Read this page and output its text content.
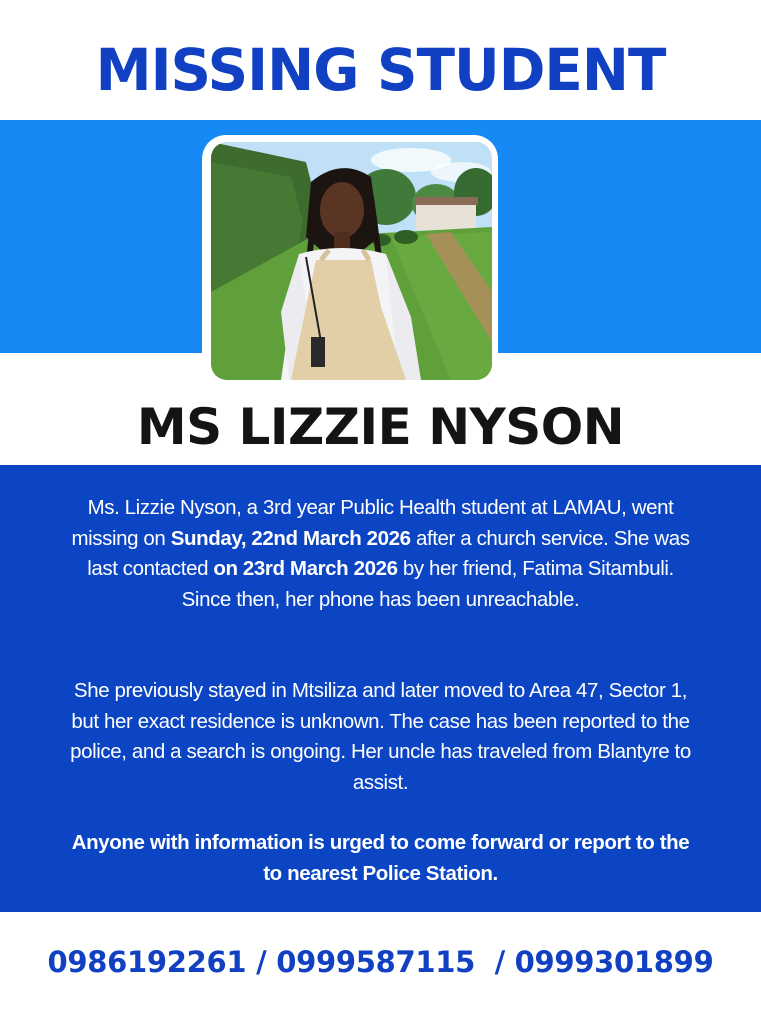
MISSING STUDENT
MS LIZZIE NYSON

Ms. Lizzie Nyson, a 3rd year Public Health student at LAMAU, went missing on Sunday, 22nd March 2026 after a church service. She was last contacted on 23rd March 2026 by her friend, Fatima Sitambuli. Since then, her phone has been unreachable.

She previously stayed in Mtsiliza and later moved to Area 47, Sector 1, but her exact residence is unknown. The case has been reported to the police, and a search is ongoing. Her uncle has traveled from Blantyre to assist.

Anyone with information is urged to come forward or report to the to nearest Police Station.

0986192261 / 0999587115  / 0999301899
